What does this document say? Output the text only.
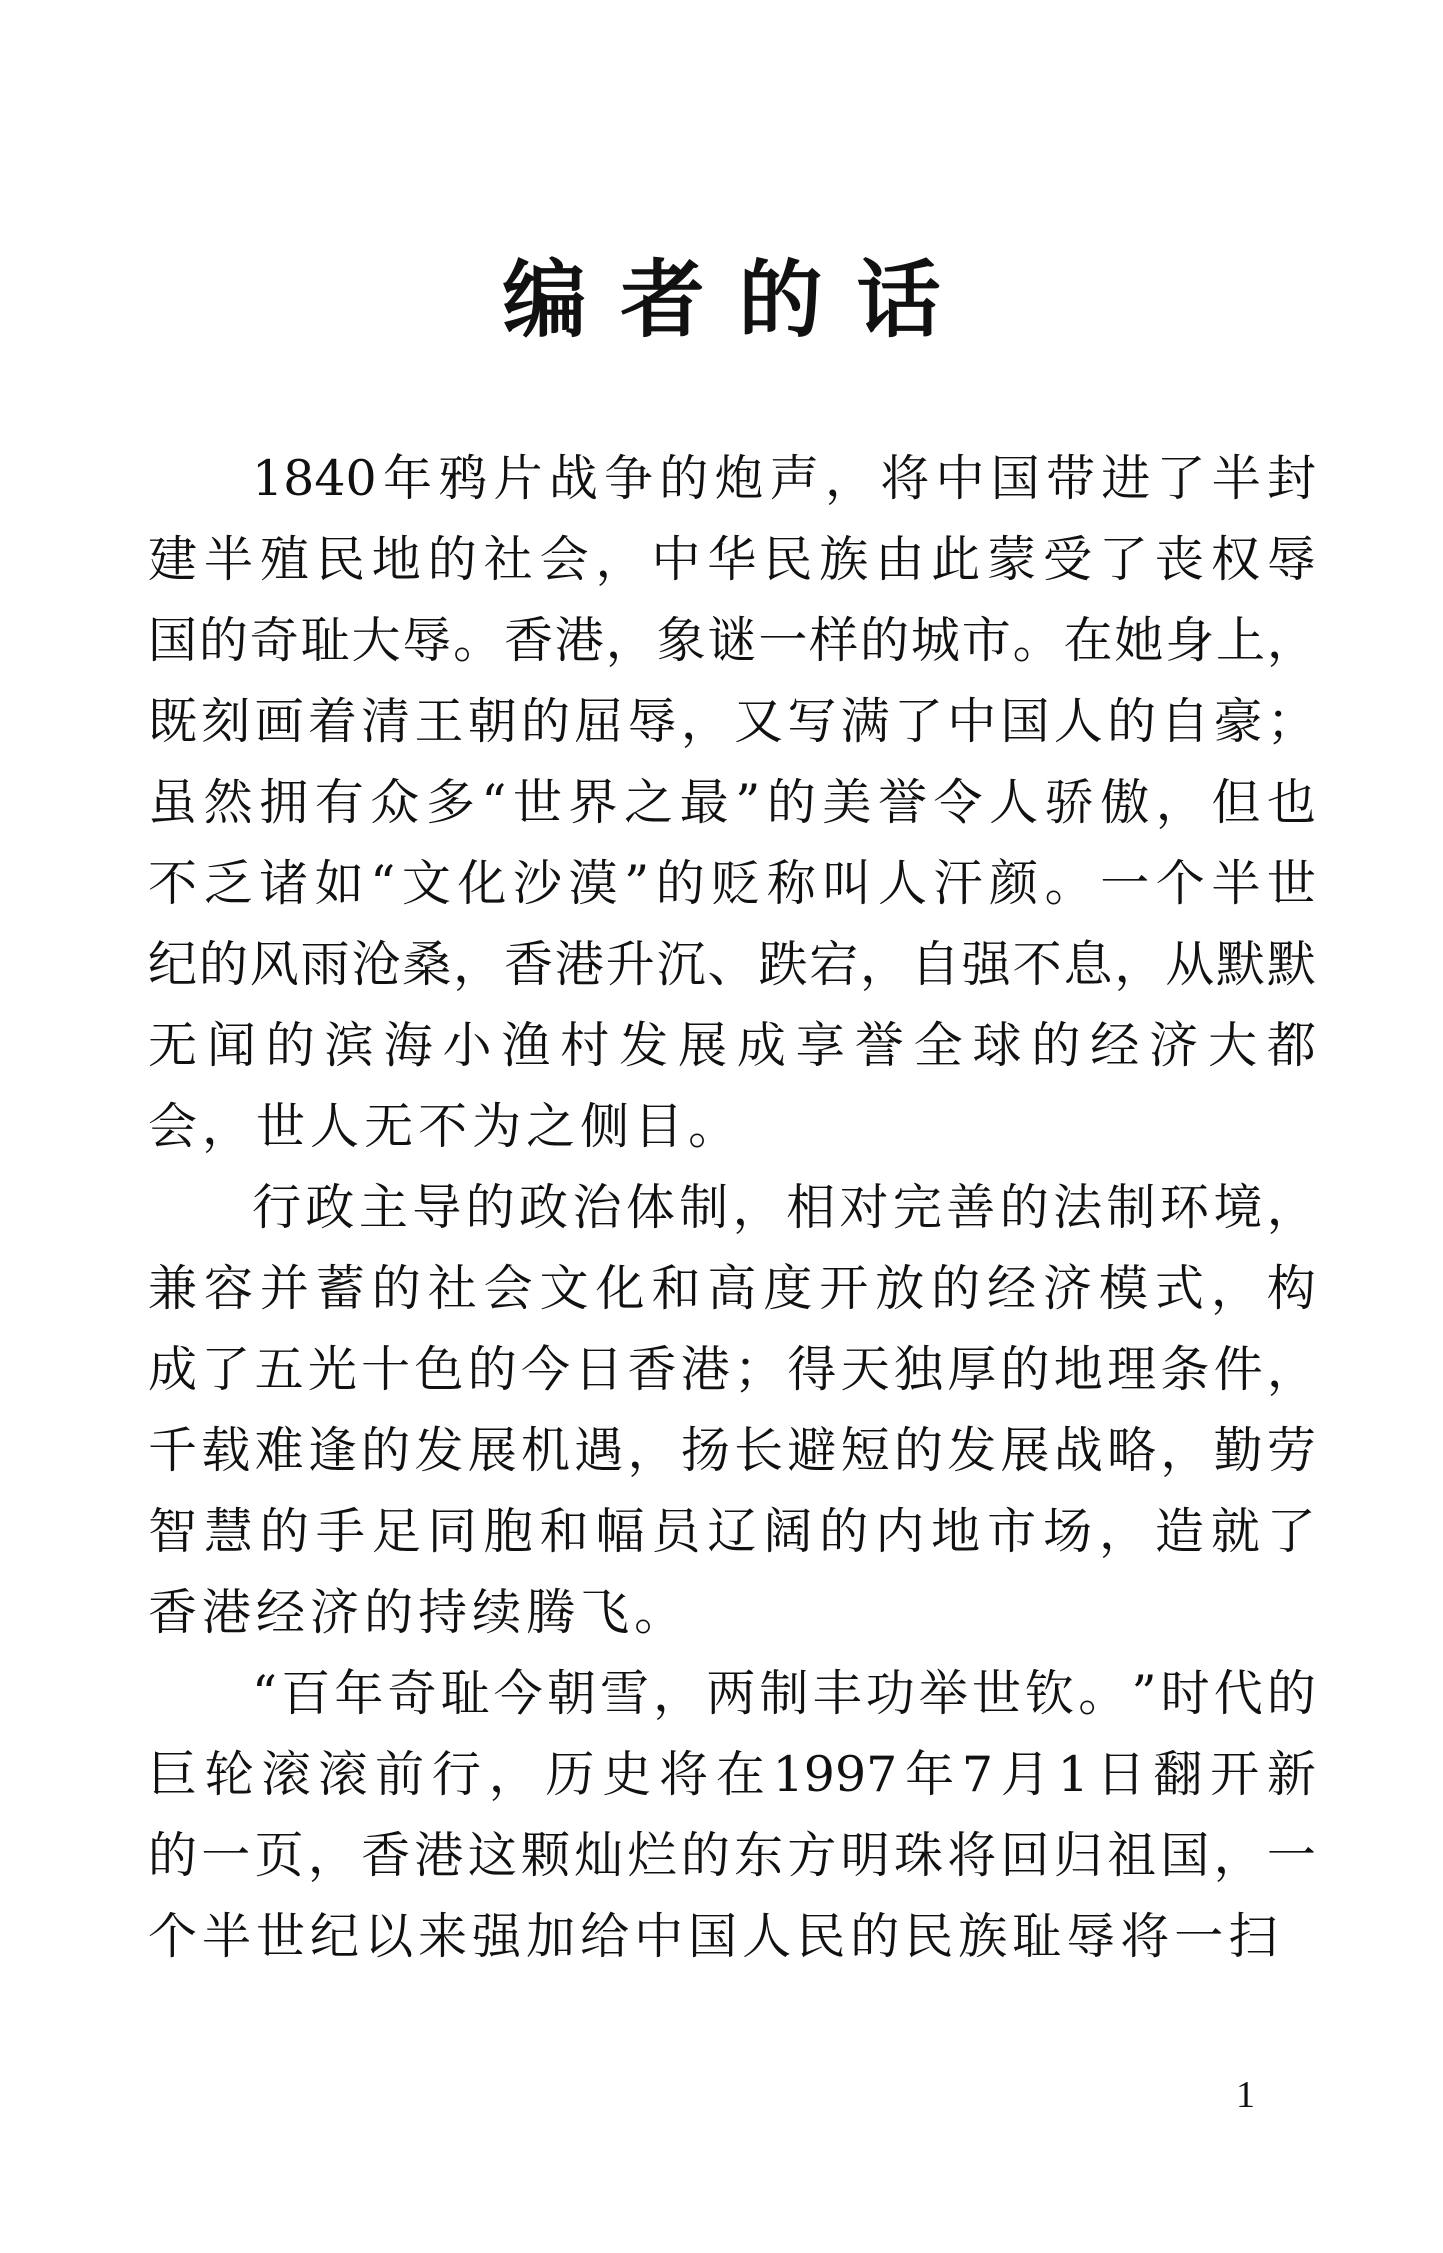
编者的话
1840 年 鸦 片 战 争 的 炮 声 ， 将 中 国 带 进 了 半 封
建 半 殖 民 地 的 社 会 ， 中 华 民 族 由 此 蒙 受 了 丧 权 辱
国 的 奇 耻 大 辱 。 香 港 ， 象 谜 一 样 的 城 市 。 在 她 身 上 ，
既 刻 画 着 清 王 朝 的 屈 辱 ， 又 写 满 了 中 国 人 的 自 豪 ；
虽 然 拥 有 众 多 “ 世 界 之 最 ” 的 美 誉 令 人 骄 傲 ， 但 也
不 乏 诸 如 “ 文 化 沙 漠 ” 的 贬 称 叫 人 汗 颜 。 一 个 半 世
纪 的 风 雨 沧 桑 ， 香 港 升 沉 、 跌 宕 ， 自 强 不 息 ， 从 默 默
无 闻 的 滨 海 小 渔 村 发 展 成 享 誉 全 球 的 经 济 大 都
会 ， 世 人 无 不 为 之 侧 目 。
行 政 主 导 的 政 治 体 制 ， 相 对 完 善 的 法 制 环 境 ，
兼 容 并 蓄 的 社 会 文 化 和 高 度 开 放 的 经 济 模 式 ， 构
成 了 五 光 十 色 的 今 日 香 港 ； 得 天 独 厚 的 地 理 条 件 ，
千 载 难 逢 的 发 展 机 遇 ， 扬 长 避 短 的 发 展 战 略 ， 勤 劳
智 慧 的 手 足 同 胞 和 幅 员 辽 阔 的 内 地 市 场 ， 造 就 了
香 港 经 济 的 持 续 腾 飞 。
“ 百 年 奇 耻 今 朝 雪 ， 两 制 丰 功 举 世 钦 。 ” 时 代 的
巨 轮 滚 滚 前 行 ， 历 史 将 在 1997 年 7 月 1 日 翻 开 新
的 一 页 ， 香 港 这 颗 灿 烂 的 东 方 明 珠 将 回 归 祖 国 ， 一
个 半 世 纪 以 来 强 加 给 中 国 人 民 的 民 族 耻 辱 将 一 扫
1
